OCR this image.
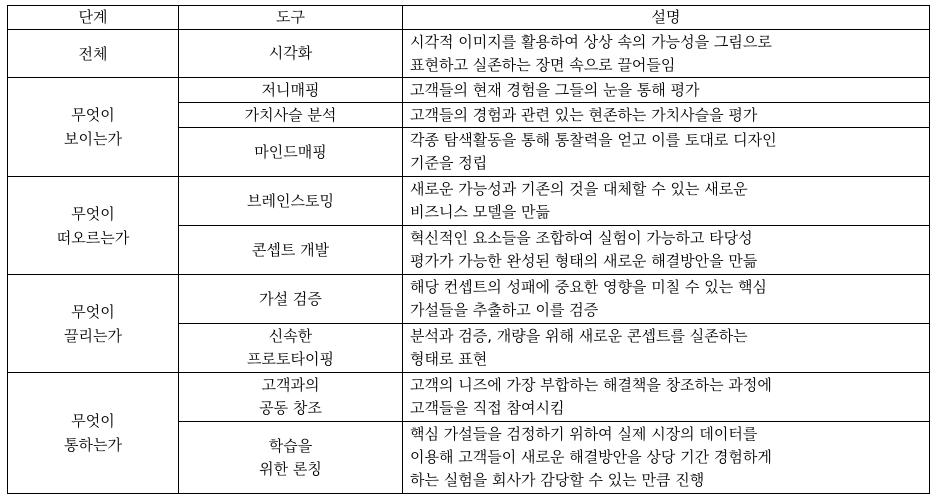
단계	도구	설명
전체	시각화	시각적 이미지를 활용하여 상상 속의 가능성을 그림으로
표현하고 실존하는 장면 속으로 끌어들임

무엇이
보이는가	저니매핑	고객들의 현재 경험을 그들의 눈을 통해 평가

	가치사슬 분석	고객들의 경험과 관련 있는 현존하는 가치사슬을 평가

	마인드매핑	각종 탐색활동을 통해 통찰력을 얻고 이를 토대로 디자인
기준을 정립

무엇이
떠오르는가	브레인스토밍	새로운 가능성과 기존의 것을 대체할 수 있는 새로운
비즈니스 모델을 만듦

	콘셉트 개발	혁신적인 요소들을 조합하여 실험이 가능하고 타당성
평가가 가능한 완성된 형태의 새로운 해결방안을 만듦

무엇이
끌리는가	가설 검증	해당 컨셉트의 성패에 중요한 영향을 미칠 수 있는 핵심
가설들을 추출하고 이를 검증

	신속한
프로토타이핑	분석과 검증, 개량을 위해 새로운 콘셉트를 실존하는
형태로 표현

무엇이
통하는가	고객과의
공동 창조	고객의 니즈에 가장 부합하는 해결책을 창조하는 과정에
고객들을 직접 참여시킴

	학습을
위한 론칭	핵심 가설들을 검정하기 위하여 실제 시장의 데이터를
이용해 고객들이 새로운 해결방안을 상당 기간 경험하게
하는 실험을 회사가 감당할 수 있는 만큼 진행
